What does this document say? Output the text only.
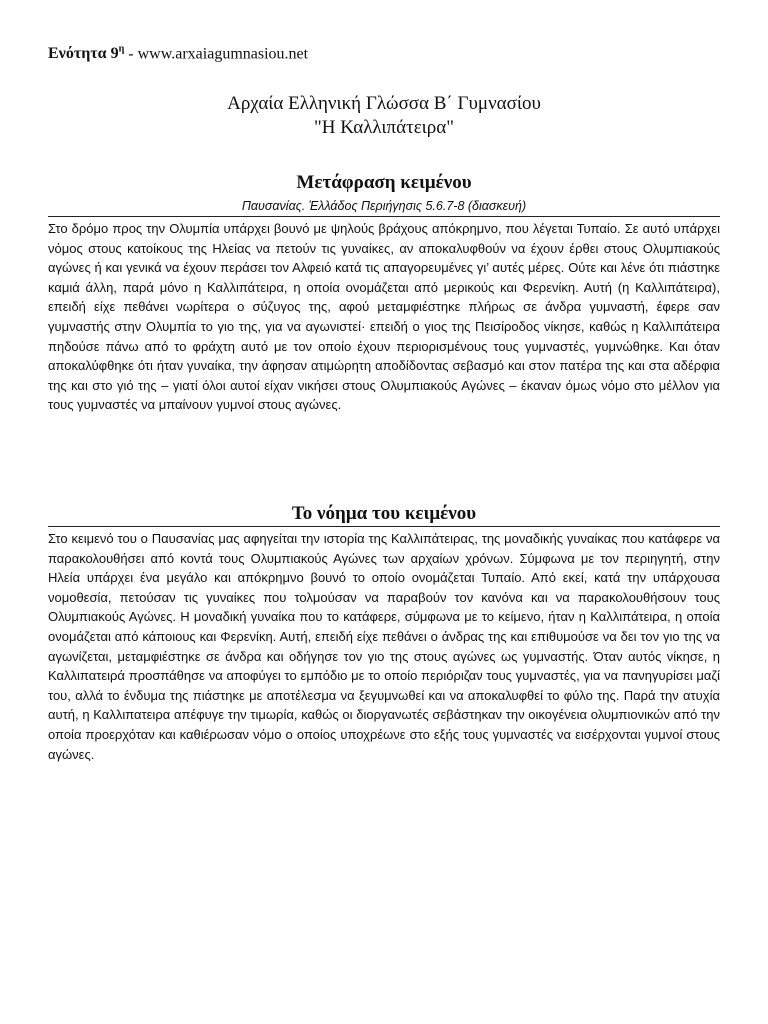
Ενότητα $9^\eta$ - www.arxaiagumnasiou.net

Αρχαία Ελληνική Γλώσσα Β΄ Γυμνασίου

"Η Καλλιπάτειρα"

Μετάφραση κειμένου
Παυσανίας. Ἑλλάδος Περιήγησις 5.6.7-8 (διασκευή)

Στο δρόμο προς την Ολυμπία υπάρχει βουνό με ψηλούς βράχους απόκρημνο, που λέγεται Τυπαίο. Σε αυτό υπάρχει νόμος στους κατοίκους της Ηλείας να πετούν τις γυναίκες, αν αποκαλυφθούν να έχουν έρθει στους Ολυμπιακούς αγώνες ή και γενικά να έχουν περάσει τον Αλφειό κατά τις απαγορευμένες γι’ αυτές μέρες. Ούτε και λένε ότι πιάστηκε καμιά άλλη, παρά μόνο η Καλλιπάτειρα, η οποία ονομάζεται από μερικούς και Φερενίκη. Αυτή (η Καλλιπάτειρα), επειδή είχε πεθάνει νωρίτερα ο σύζυγος της, αφού μεταμφιέστηκε πλήρως σε άνδρα γυμναστή, έφερε σαν γυμναστής στην Ολυμπία το γιο της, για να αγωνιστεί· επειδή ο γιος της Πεισίροδος νίκησε, καθώς η Καλλιπάτειρα πηδούσε πάνω από το φράχτη αυτό με τον οποίο έχουν περιορισμένους τους γυμναστές, γυμνώθηκε. Και όταν αποκαλύφθηκε ότι ήταν γυναίκα, την άφησαν ατιμώρητη αποδίδοντας σεβασμό και στον πατέρα της και στα αδέρφια της και στο γιό της – γιατί όλοι αυτοί είχαν νικήσει στους Ολυμπιακούς Αγώνες – έκαναν όμως νόμο στο μέλλον για τους γυμναστές να μπαίνουν γυμνοί στους αγώνες.

Το νόημα του κειμένου

Στο κειμενό του ο Παυσανίας μας αφηγείται την ιστορία της Καλλιπάτειρας, της μοναδικής γυναίκας που κατάφερε να παρακολουθήσει από κοντά τους Ολυμπιακούς Αγώνες των αρχαίων χρόνων. Σύμφωνα με τον περιηγητή, στην Ηλεία υπάρχει ένα μεγάλο και απόκρημνο βουνό το οποίο ονομάζεται Τυπαίο. Από εκεί, κατά την υπάρχουσα νομοθεσία, πετούσαν τις γυναίκες που τολμούσαν να παραβούν τον κανόνα και να παρακολουθήσουν τους Ολυμπιακούς Αγώνες. Η μοναδική γυναίκα που το κατάφερε, σύμφωνα με το κείμενο, ήταν η Καλλιπάτειρα, η οποία ονομάζεται από κάποιους και Φερενίκη. Αυτή, επειδή είχε πεθάνει ο άνδρας της και επιθυμούσε να δει τον γιο της να αγωνίζεται, μεταμφιέστηκε σε άνδρα και οδήγησε τον γιο της στους αγώνες ως γυμναστής. Όταν αυτός νίκησε, η Καλλιπατειρά προσπάθησε να αποφύγει το εμπόδιο με το οποίο περιόριζαν τους γυμναστές, για να πανηγυρίσει μαζί του, αλλά το ένδυμα της πιάστηκε με αποτέλεσμα να ξεγυμνωθεί και να αποκαλυφθεί το φύλο της. Παρά την ατυχία αυτή, η Καλλιπατειρα απέφυγε την τιμωρία, καθώς οι διοργανωτές σεβάστηκαν την οικογένεια ολυμπιονικών από την οποία προερχόταν και καθιέρωσαν νόμο ο οποίος υποχρέωνε στο εξής τους γυμναστές να εισέρχονται γυμνοί στους αγώνες.
